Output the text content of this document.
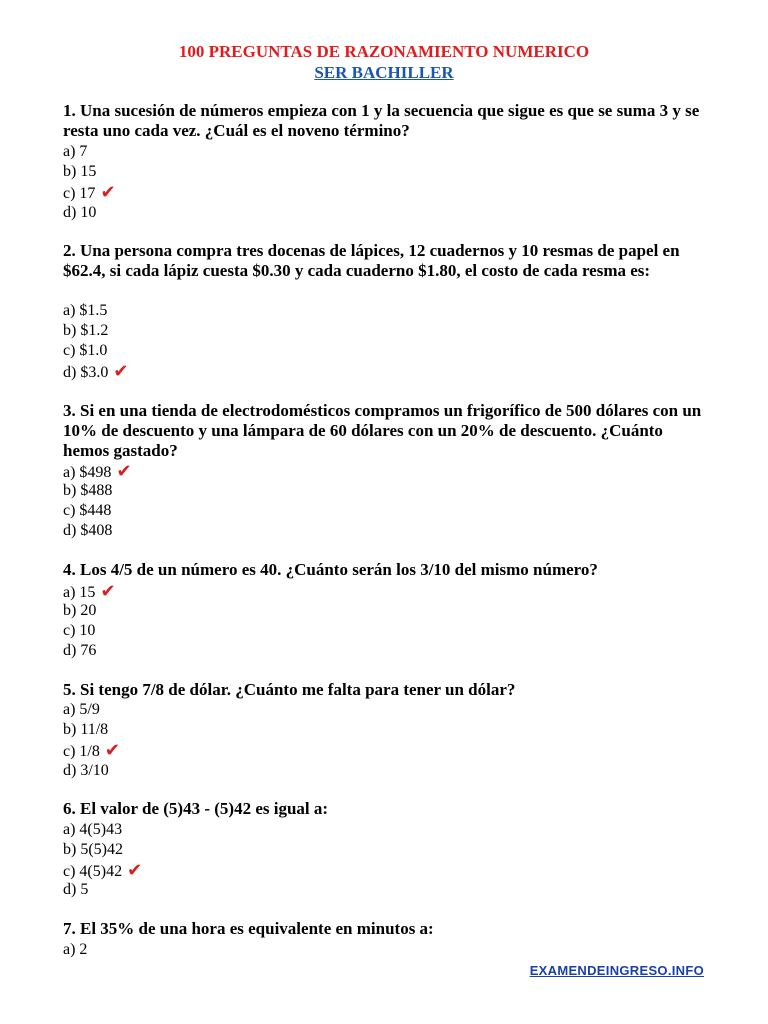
100 PREGUNTAS DE RAZONAMIENTO NUMERICO
SER BACHILLER
1. Una sucesión de números empieza con 1 y la secuencia que sigue es que se suma 3 y se resta uno cada vez. ¿Cuál es el noveno término?
a) 7
b) 15
c) 17 ✔
d) 10
2. Una persona compra tres docenas de lápices, 12 cuadernos y 10 resmas de papel en $62.4, si cada lápiz cuesta $0.30 y cada cuaderno $1.80, el costo de cada resma es:
a) $1.5
b) $1.2
c) $1.0
d) $3.0 ✔
3. Si en una tienda de electrodomésticos compramos un frigorífico de 500 dólares con un 10% de descuento y una lámpara de 60 dólares con un 20% de descuento. ¿Cuánto hemos gastado?
a) $498 ✔
b) $488
c) $448
d) $408
4. Los 4/5 de un número es 40. ¿Cuánto serán los 3/10 del mismo número?
a) 15 ✔
b) 20
c) 10
d) 76
5. Si tengo 7/8 de dólar. ¿Cuánto me falta para tener un dólar?
a) 5/9
b) 11/8
c) 1/8 ✔
d) 3/10
6. El valor de (5)43 - (5)42 es igual a:
a) 4(5)43
b) 5(5)42
c) 4(5)42 ✔
d) 5
7. El 35% de una hora es equivalente en minutos a:
a) 2
EXAMENDEINGRESO.INFO
